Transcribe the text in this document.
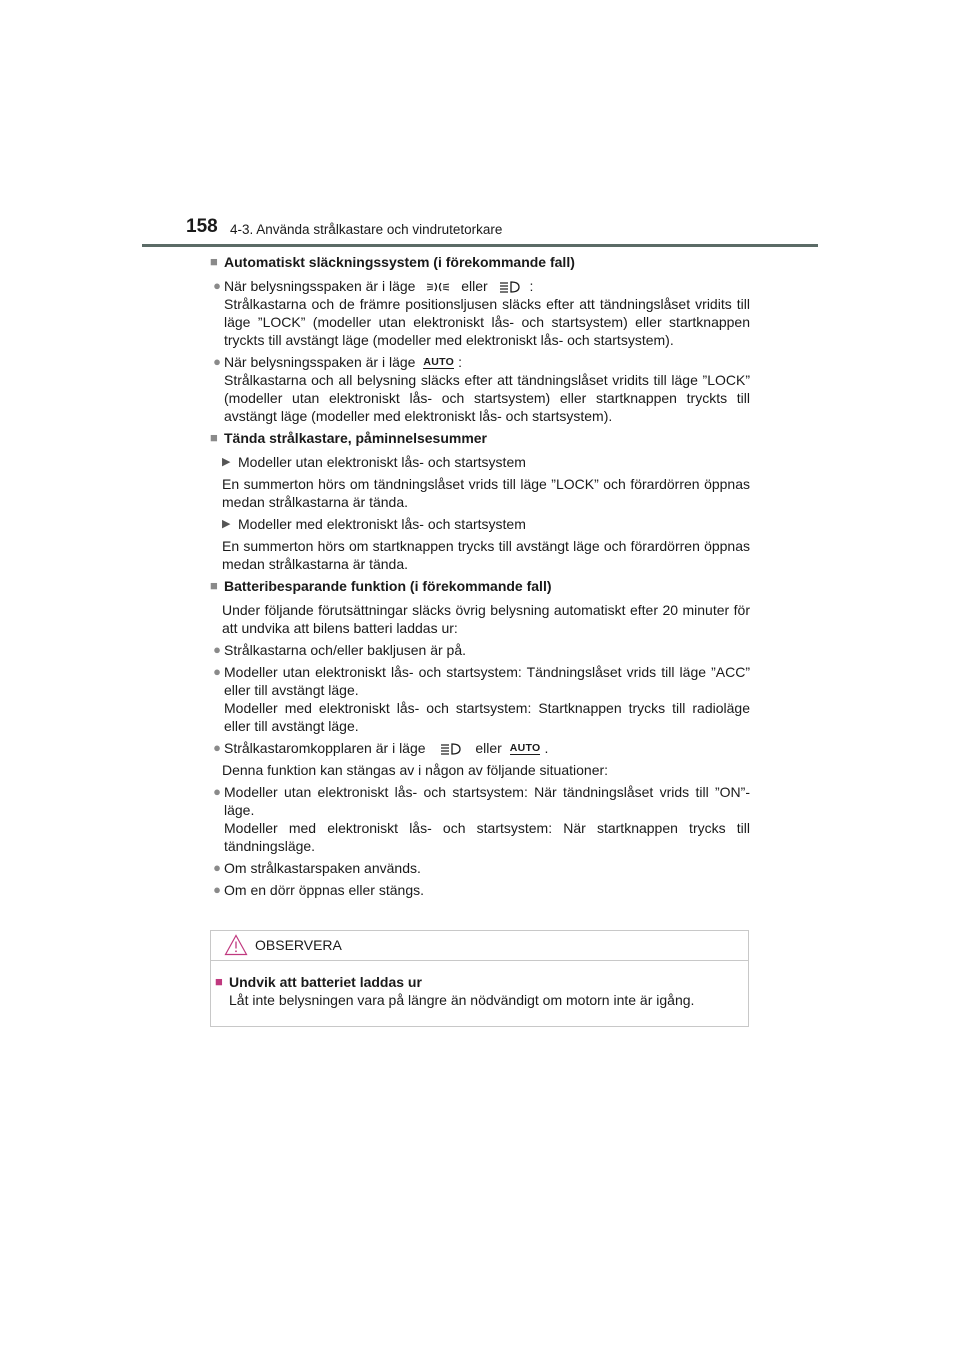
158 4-3. Använda strålkastare och vindrutetorkare
■ Automatiskt släckningssystem (i förekommande fall)
● När belysningsspaken är i läge	eller	:
Strålkastarna och de främre positionsljusen släcks efter att tändningslåset vridits till läge ”LOCK” (modeller utan elektroniskt lås- och startsystem) eller startknappen tryckts till avstängt läge (modeller med elektroniskt lås- och startsystem).
● När belysningsspaken är i läge AUTO :
Strålkastarna och all belysning släcks efter att tändningslåset vridits till läge ”LOCK” (modeller utan elektroniskt lås- och startsystem) eller startknappen tryckts till avstängt läge (modeller med elektroniskt lås- och startsystem).
■ Tända strålkastare, påminnelsesummer
▶ Modeller utan elektroniskt lås- och startsystem
En summerton hörs om tändningslåset vrids till läge ”LOCK” och förardörren öppnas medan strålkastarna är tända.
▶ Modeller med elektroniskt lås- och startsystem
En summerton hörs om startknappen trycks till avstängt läge och förardörren öppnas medan strålkastarna är tända.
■ Batteribesparande funktion (i förekommande fall)
Under följande förutsättningar släcks övrig belysning automatiskt efter 20 minuter för att undvika att bilens batteri laddas ur:
● Strålkastarna och/eller bakljusen är på.
● Modeller utan elektroniskt lås- och startsystem: Tändningslåset vrids till läge ”ACC” eller till avstängt läge.
Modeller med elektroniskt lås- och startsystem: Startknappen trycks till radioläge eller till avstängt läge.
● Strålkastaromkopplaren är i läge	eller AUTO .
Denna funktion kan stängas av i någon av följande situationer:
● Modeller utan elektroniskt lås- och startsystem: När tändningslåset vrids till ”ON”-läge.
Modeller med elektroniskt lås- och startsystem: När startknappen trycks till tändningsläge.
● Om strålkastarspaken används.
● Om en dörr öppnas eller stängs.
OBSERVERA
■ Undvik att batteriet laddas ur
Låt inte belysningen vara på längre än nödvändigt om motorn inte är igång.
